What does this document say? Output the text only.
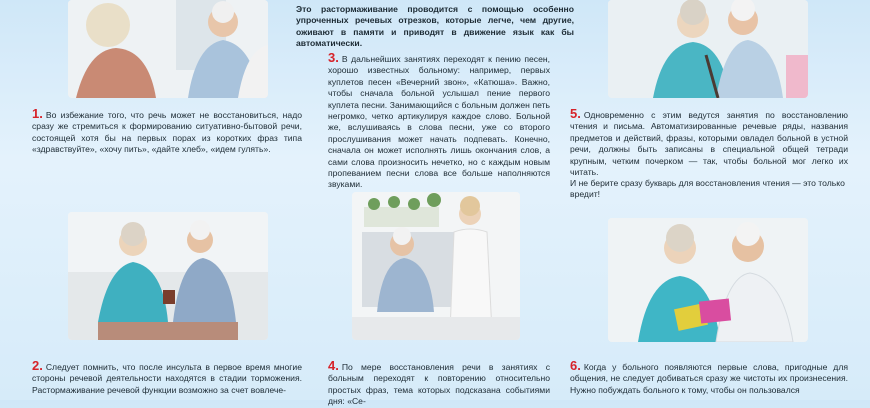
Это растормаживание проводится с помощью особенно упроченных речевых отрезков, которые легче, чем другие, оживают в памяти и приводят в движение язык как бы автоматически.
1. Во избежание того, что речь может не восстановиться, надо сразу же стремиться к формированию ситуативно-бытовой речи, состоящей хотя бы на первых порах из коротких фраз типа «здравствуйте», «хочу пить», «дайте хлеб», «идем гулять».
3. В дальнейших занятиях переходят к пению песен, хорошо известных больному: например, первых куплетов песен «Вечерний звон», «Катюша». Важно, чтобы сначала больной услышал пение первого куплета песни. Занимающийся с больным должен петь негромко, четко артикулируя каждое слово. Больной же, вслушиваясь в слова песни, уже со второго прослушивания может начать подпевать. Конечно, сначала он может исполнять лишь окончания слов, а сами слова произносить нечетко, но с каждым новым пропеванием песни слова все больше наполняются звуками.
5. Одновременно с этим ведутся занятия по восстановлению чтения и письма. Автоматизированные речевые ряды, названия предметов и действий, фразы, которыми овладел больной в устной речи, должны быть записаны в специальной общей тетради крупным, четким почерком — так, чтобы больной мог легко их читать.
И не берите сразу букварь для восстановления чтения — это только вредит!
2. Следует помнить, что после инсульта в первое время многие стороны речевой деятельности находятся в стадии торможения. Растормаживание речевой функции возможно за счет вовлече-
4. По мере восстановления речи в занятиях с больным переходят к повторению относительно простых фраз, тема которых подсказана событиями дня: «Се-
6. Когда у больного появляются первые слова, пригодные для общения, не следует добиваться сразу же чистоты их произнесения. Нужно побуждать больного к тому, чтобы он пользовался
